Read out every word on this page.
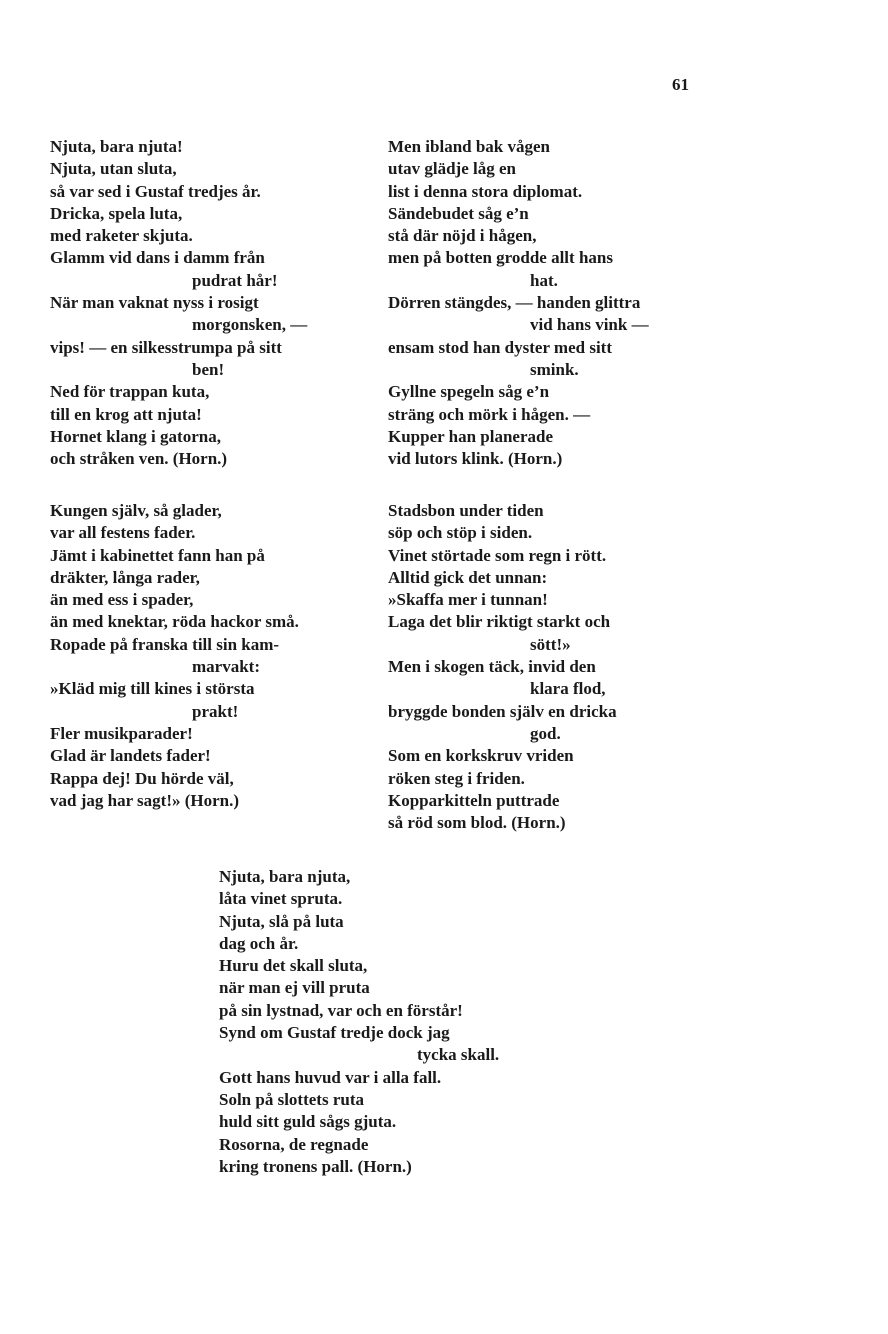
61
Njuta, bara njuta!
Njuta, utan sluta,
så var sed i Gustaf tredjes år.
Dricka, spela luta,
med raketer skjuta.
Glamm vid dans i damm från
pudrat hår!
När man vaknat nyss i rosigt
morgonsken, —
vips! — en silkesstrumpa på sitt
ben!
Ned för trappan kuta,
till en krog att njuta!
Hornet klang i gatorna,
och stråken ven. (Horn.)
Men ibland bak vågen
utav glädje låg en
list i denna stora diplomat.
Sändebudet såg e’n
stå där nöjd i hågen,
men på botten grodde allt hans
hat.
Dörren stängdes, — handen glittra
vid hans vink —
ensam stod han dyster med sitt
smink.
Gyllne spegeln såg e’n
sträng och mörk i hågen. —
Kupper han planerade
vid lutors klink. (Horn.)
Kungen själv, så glader,
var all festens fader.
Jämt i kabinettet fann han på
dräkter, långa rader,
än med ess i spader,
än med knektar, röda hackor små.
Ropade på franska till sin kam-
marvakt:
»Kläd mig till kines i största
prakt!
Fler musikparader!
Glad är landets fader!
Rappa dej! Du hörde väl,
vad jag har sagt!» (Horn.)
Stadsbon under tiden
söp och stöp i siden.
Vinet störtade som regn i rött.
Alltid gick det unnan:
»Skaffa mer i tunnan!
Laga det blir riktigt starkt och
sött!»
Men i skogen täck, invid den
klara flod,
bryggde bonden själv en dricka
god.
Som en korkskruv vriden
röken steg i friden.
Kopparkitteln puttrade
så röd som blod. (Horn.)
Njuta, bara njuta,
låta vinet spruta.
Njuta, slå på luta
dag och år.
Huru det skall sluta,
när man ej vill pruta
på sin lystnad, var och en förstår!
Synd om Gustaf tredje dock jag
tycka skall.
Gott hans huvud var i alla fall.
Soln på slottets ruta
huld sitt guld sågs gjuta.
Rosorna, de regnade
kring tronens pall. (Horn.)
